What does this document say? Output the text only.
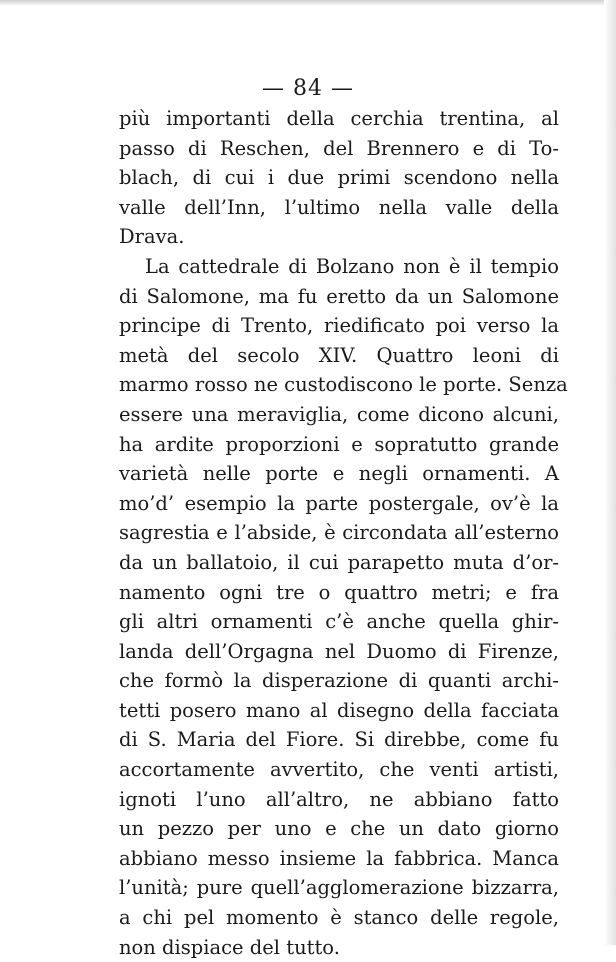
— 84 —
più importanti della cerchia trentina, al
passo di Reschen, del Brennero e di To-
blach, di cui i due primi scendono nella
valle dell’Inn, l’ultimo nella valle della
Drava.
La cattedrale di Bolzano non è il tempio
di Salomone, ma fu eretto da un Salomone
principe di Trento, riedificato poi verso la
metà del secolo XIV. Quattro leoni di
marmo rosso ne custodiscono le porte. Senza
essere una meraviglia, come dicono alcuni,
ha ardite proporzioni e sopratutto grande
varietà nelle porte e negli ornamenti. A
mo’d’ esempio la parte postergale, ov’è la
sagrestia e l’abside, è circondata all’esterno
da un ballatoio, il cui parapetto muta d’or-
namento ogni tre o quattro metri; e fra
gli altri ornamenti c’è anche quella ghir-
landa dell’Orgagna nel Duomo di Firenze,
che formò la disperazione di quanti archi-
tetti posero mano al disegno della facciata
di S. Maria del Fiore. Si direbbe, come fu
accortamente avvertito, che venti artisti,
ignoti l’uno all’altro, ne abbiano fatto
un pezzo per uno e che un dato giorno
abbiano messo insieme la fabbrica. Manca
l’unità; pure quell’agglomerazione bizzarra,
a chi pel momento è stanco delle regole,
non dispiace del tutto.
